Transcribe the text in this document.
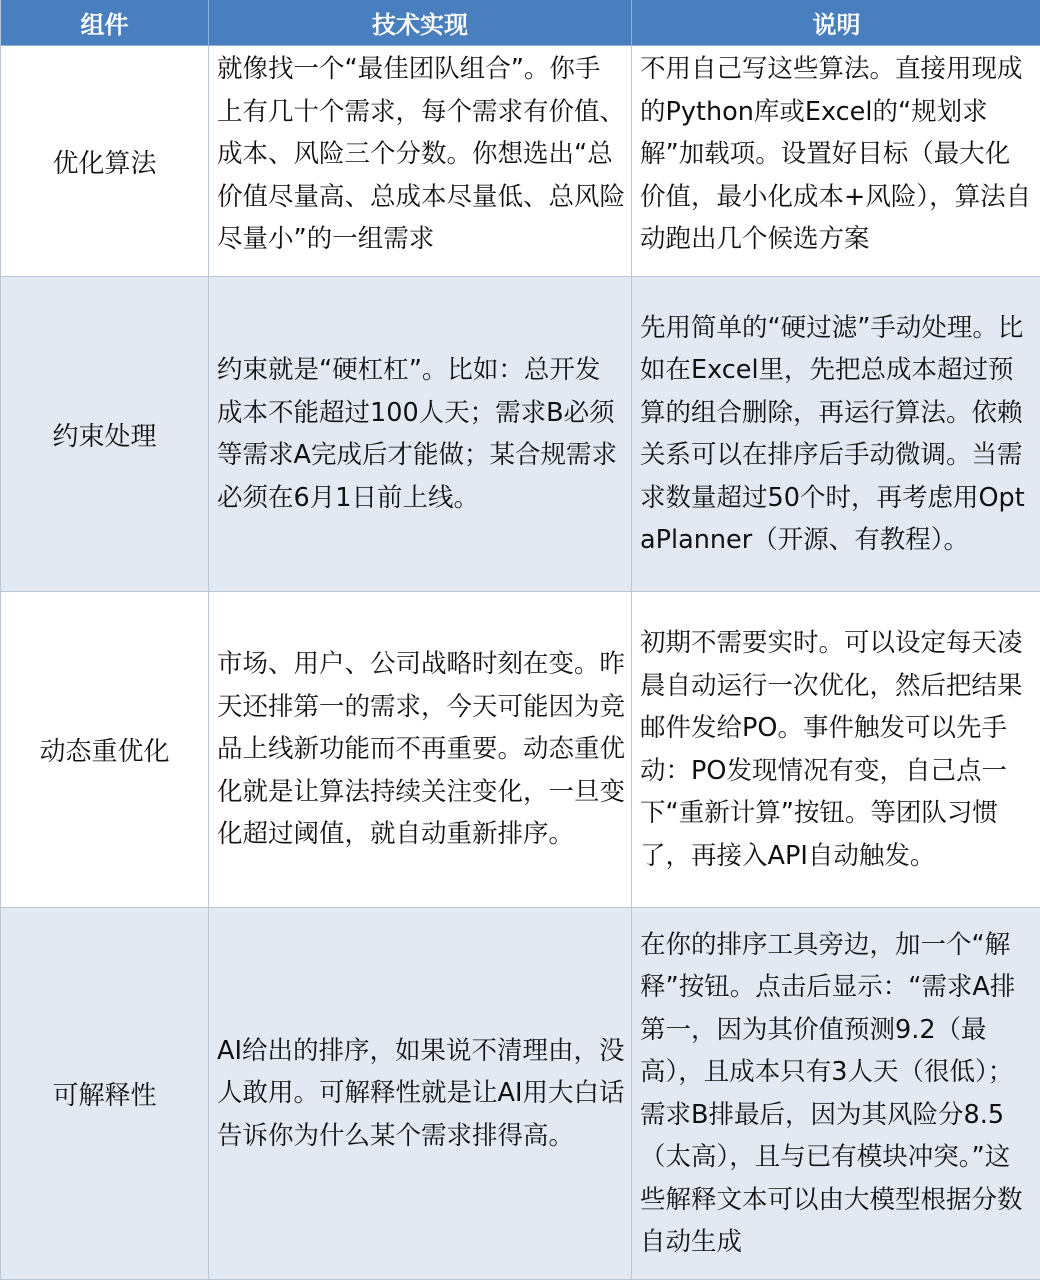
组件	技术实现	说明
优化算法
就像找一个“最佳团队组合”。你手上有几十个需求，每个需求有价值、成本、风险三个分数。你想选出“总价值尽量高、总成本尽量低、总风险尽量小”的一组需求
不用自己写这些算法。直接用现成的Python库或Excel的“规划求解”加载项。设置好目标（最大化价值，最小化成本+风险），算法自动跑出几个候选方案
约束处理
约束就是“硬杠杠”。比如：总开发成本不能超过100人天；需求B必须等需求A完成后才能做；某合规需求必须在6月1日前上线。
先用简单的“硬过滤”手动处理。比如在Excel里，先把总成本超过预算的组合删除，再运行算法。依赖关系可以在排序后手动微调。当需求数量超过50个时，再考虑用OptaPlanner（开源、有教程）。
动态重优化
市场、用户、公司战略时刻在变。昨天还排第一的需求，今天可能因为竞品上线新功能而不再重要。动态重优化就是让算法持续关注变化，一旦变化超过阈值，就自动重新排序。
初期不需要实时。可以设定每天凌晨自动运行一次优化，然后把结果邮件发给PO。事件触发可以先手动：PO发现情况有变，自己点一下“重新计算”按钮。等团队习惯了，再接入API自动触发。
可解释性
AI给出的排序，如果说不清理由，没人敢用。可解释性就是让AI用大白话告诉你为什么某个需求排得高。
在你的排序工具旁边，加一个“解释”按钮。点击后显示：“需求A排第一，因为其价值预测9.2（最高），且成本只有3人天（很低）；需求B排最后，因为其风险分8.5（太高），且与已有模块冲突。”这些解释文本可以由大模型根据分数自动生成
